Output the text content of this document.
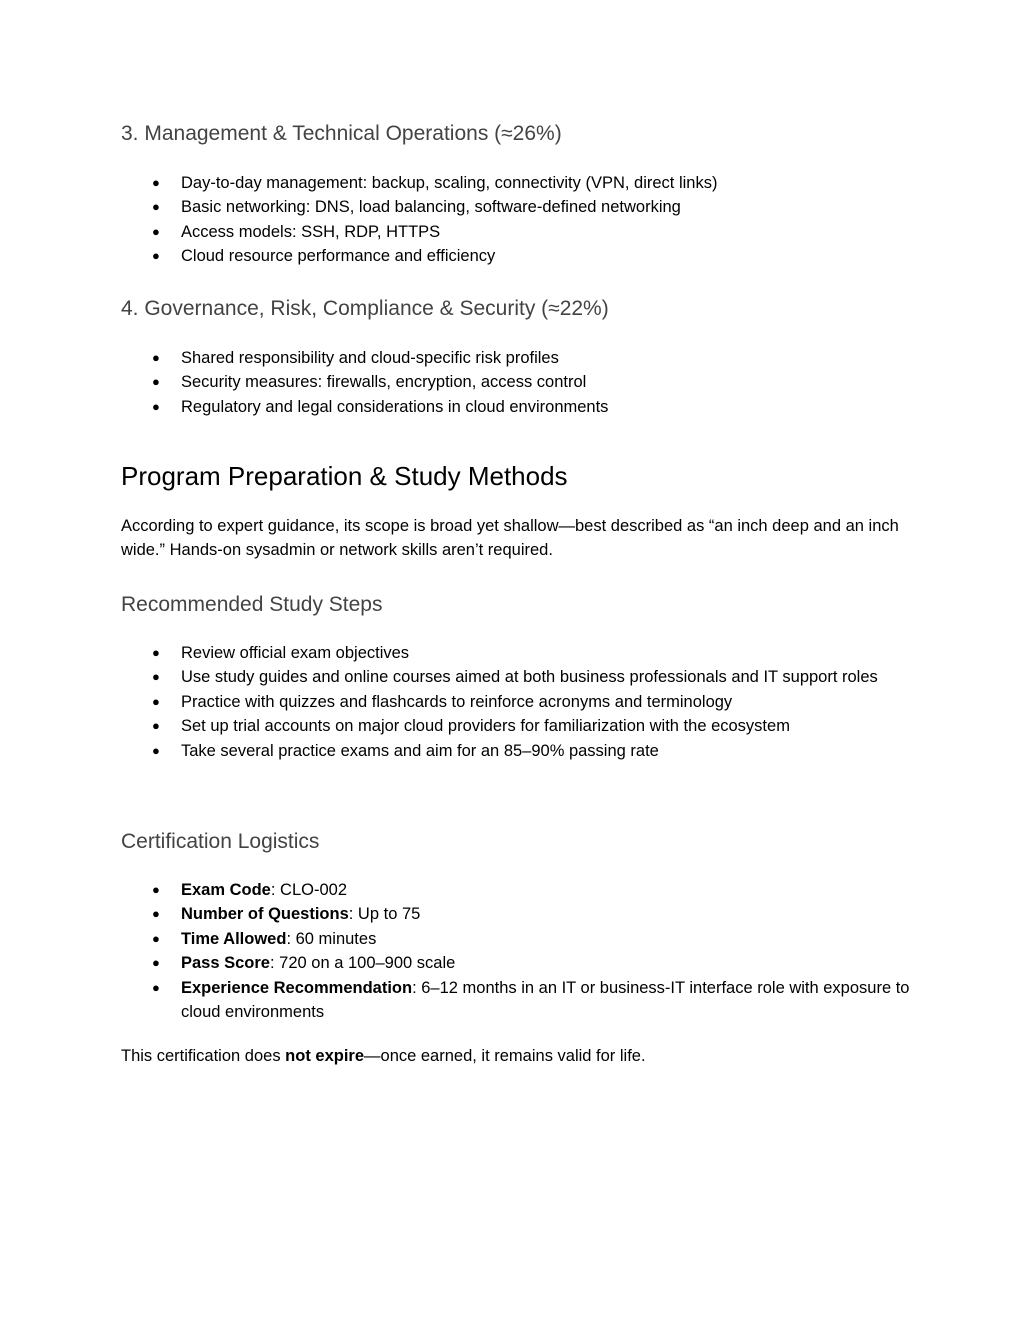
3. Management & Technical Operations (≈26%)
● Day-to-day management: backup, scaling, connectivity (VPN, direct links)
● Basic networking: DNS, load balancing, software-defined networking
● Access models: SSH, RDP, HTTPS
● Cloud resource performance and efficiency
4. Governance, Risk, Compliance & Security (≈22%)
● Shared responsibility and cloud-specific risk profiles
● Security measures: firewalls, encryption, access control
● Regulatory and legal considerations in cloud environments
Program Preparation & Study Methods

According to expert guidance, its scope is broad yet shallow—best described as “an inch deep and an inch wide.” Hands-on sysadmin or network skills aren’t required.

Recommended Study Steps
● Review official exam objectives
● Use study guides and online courses aimed at both business professionals and IT support roles
● Practice with quizzes and flashcards to reinforce acronyms and terminology
● Set up trial accounts on major cloud providers for familiarization with the ecosystem
● Take several practice exams and aim for an 85–90% passing rate
Certification Logistics
● Exam Code: CLO-002
● Number of Questions: Up to 75
● Time Allowed: 60 minutes
● Pass Score: 720 on a 100–900 scale
● Experience Recommendation: 6–12 months in an IT or business-IT interface role with exposure to cloud environments

This certification does not expire—once earned, it remains valid for life.
